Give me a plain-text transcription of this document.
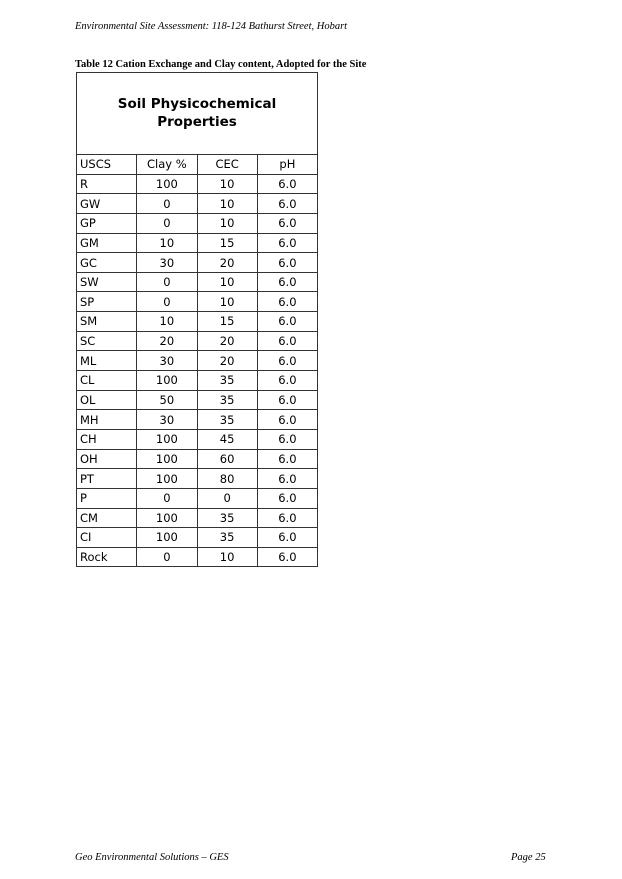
Environmental Site Assessment: 118-124 Bathurst Street, Hobart
Table 12 Cation Exchange and Clay content, Adopted for the Site
Soil Physicochemical Properties			
USCS	Clay %	CEC	pH
R	100	10	6.0
GW	0	10	6.0
GP	0	10	6.0
GM	10	15	6.0
GC	30	20	6.0
SW	0	10	6.0
SP	0	10	6.0
SM	10	15	6.0
SC	20	20	6.0
ML	30	20	6.0
CL	100	35	6.0
OL	50	35	6.0
MH	30	35	6.0
CH	100	45	6.0
OH	100	60	6.0
PT	100	80	6.0
P	0	0	6.0
CM	100	35	6.0
CI	100	35	6.0
Rock	0	10	6.0
Geo Environmental Solutions – GES	Page 25
